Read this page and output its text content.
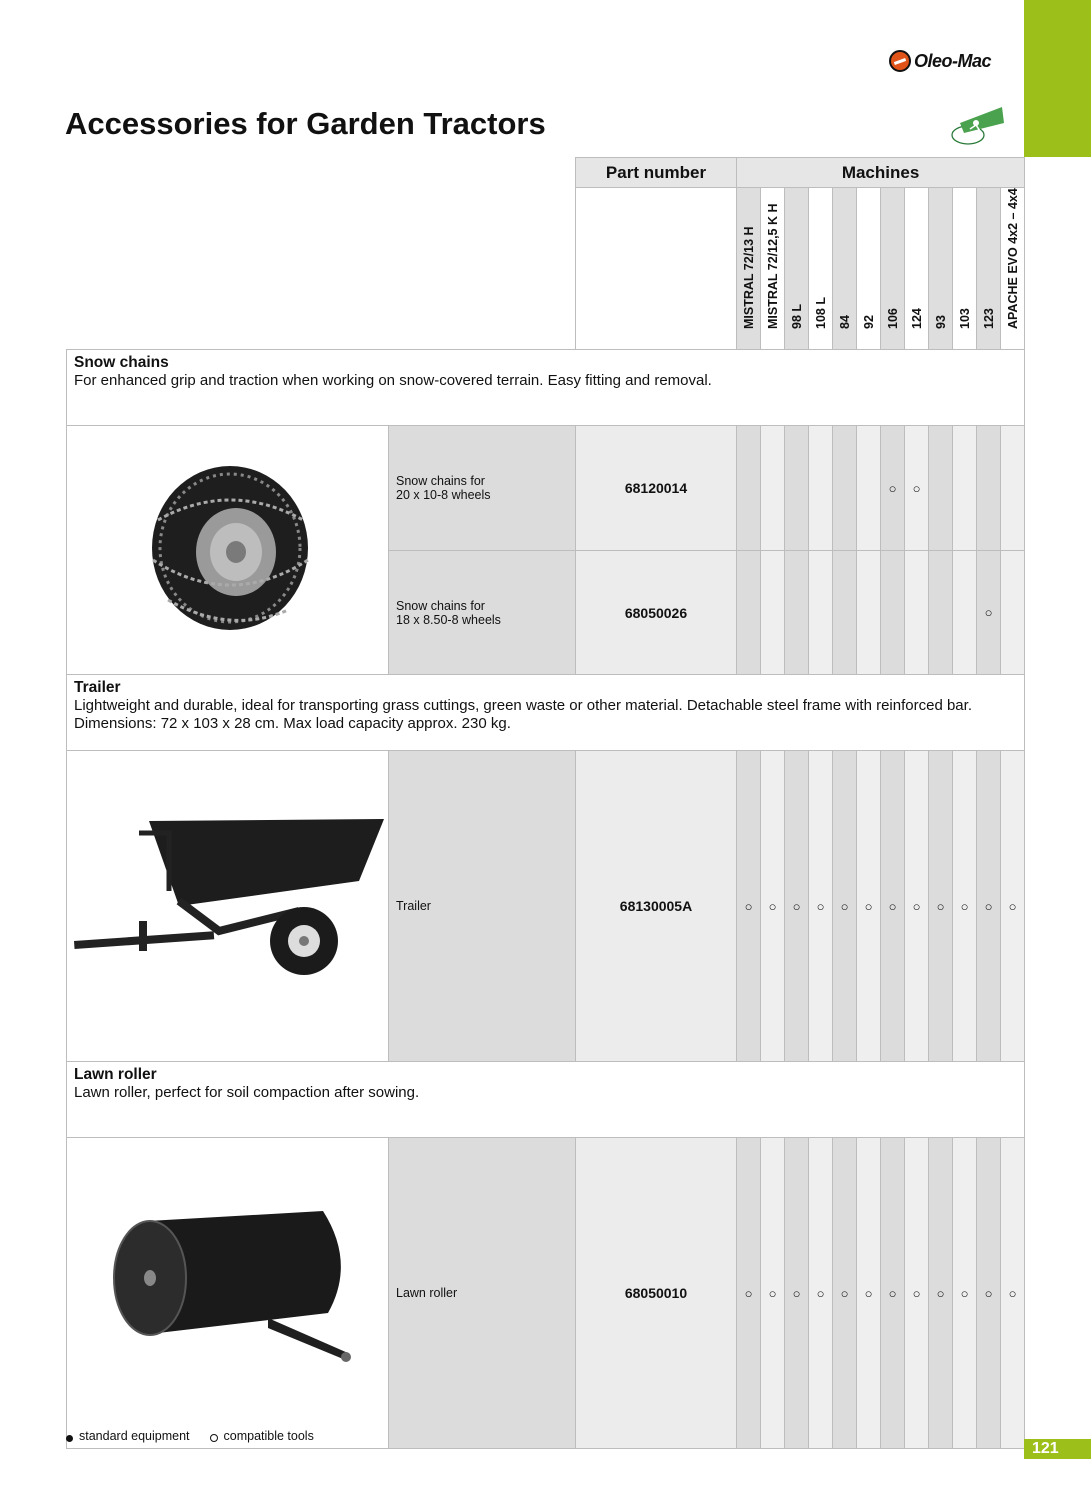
Oleo-Mac
Accessories for Garden Tractors
		Part number	Machines											

			MISTRAL 72/13 H	MISTRAL 72/12,5 K H	98 L	108 L	84	92	106	124	93	103	123	APACHE EVO 4x2 – 4x4

Snow chains
For enhanced grip and traction when working on snow-covered terrain. Easy fitting and removal.														
	Snow chains for
20 x 10-8 wheels	68120014							○	○				
	Snow chains for
18 x 8.50-8 wheels	68050026											○	

Trailer
Lightweight and durable, ideal for transporting grass cuttings, green waste or other material. Detachable steel frame with reinforced bar. Dimensions: 72 x 103 x 28 cm. Max load capacity approx. 230 kg.														
	Trailer	68130005A	○	○	○	○	○	○	○	○	○	○	○	○

Lawn roller
Lawn roller, perfect for soil compaction after sowing.														
	Lawn roller	68050010	○	○	○	○	○	○	○	○	○	○	○	○
standard equipment	compatible tools
121
